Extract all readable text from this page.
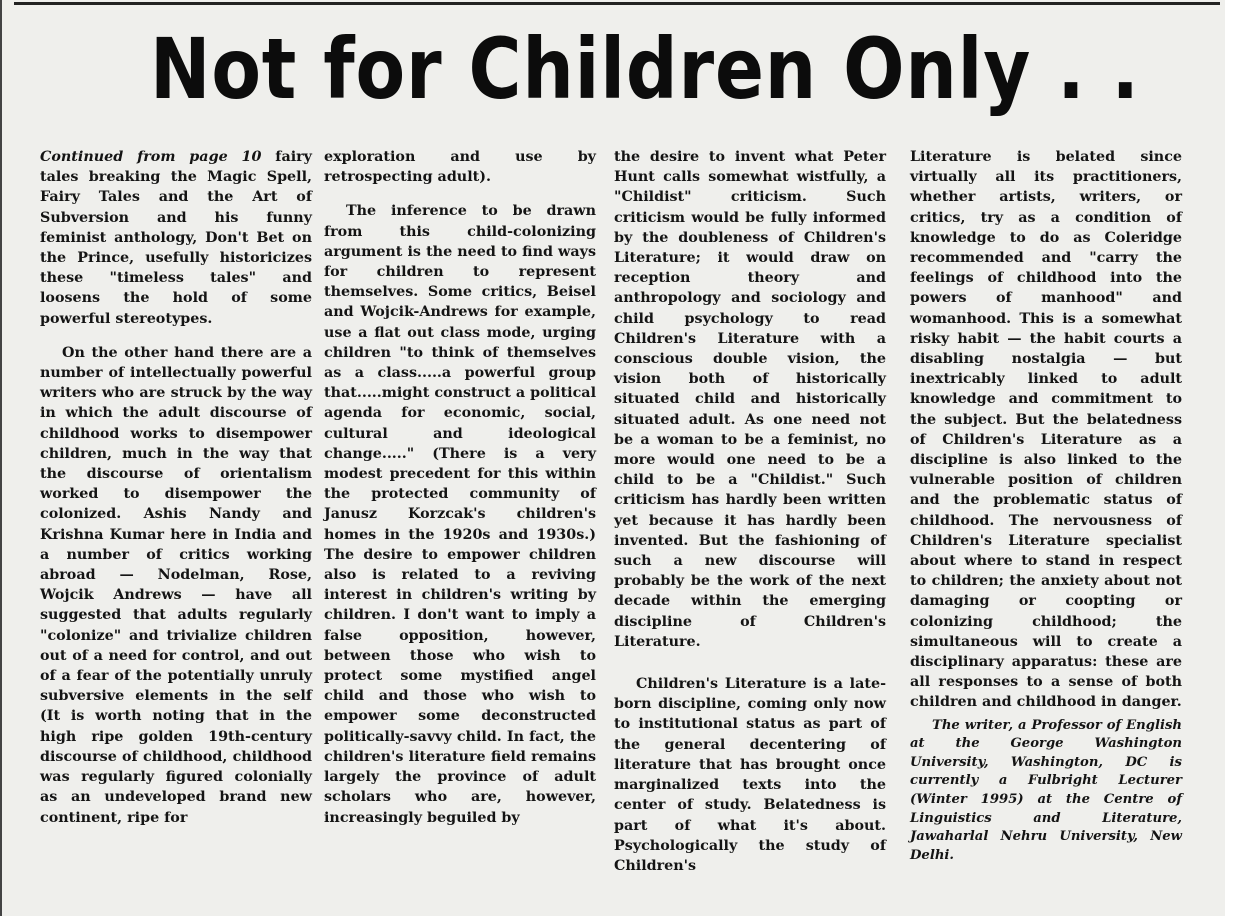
Not for Children Only . .

Continued from page 10 fairy tales breaking the Magic Spell, Fairy Tales and the Art of Subversion and his funny feminist anthology, Don't Bet on the Prince, usefully historicizes these "timeless tales" and loosens the hold of some powerful stereotypes.

On the other hand there are a number of intellectually powerful writers who are struck by the way in which the adult discourse of childhood works to disempower children, much in the way that the discourse of orientalism worked to disempower the colonized. Ashis Nandy and Krishna Kumar here in India and a number of critics working abroad — Nodelman, Rose, Wojcik Andrews — have all suggested that adults regularly "colonize" and trivialize children out of a need for control, and out of a fear of the potentially unruly subversive elements in the self (It is worth noting that in the high ripe golden 19th-century discourse of childhood, childhood was regularly figured colonially as an undeveloped brand new continent, ripe for

exploration and use by retrospecting adult).

The inference to be drawn from this child-colonizing argument is the need to find ways for children to represent themselves. Some critics, Beisel and Wojcik-Andrews for example, use a flat out class mode, urging children "to think of themselves as a class.....a powerful group that.....might construct a political agenda for economic, social, cultural and ideological change....." (There is a very modest precedent for this within the protected community of Janusz Korzcak's children's homes in the 1920s and 1930s.) The desire to empower children also is related to a reviving interest in children's writing by children. I don't want to imply a false opposition, however, between those who wish to protect some mystified angel child and those who wish to empower some deconstructed politically-savvy child. In fact, the children's literature field remains largely the province of adult scholars who are, however, increasingly beguiled by

the desire to invent what Peter Hunt calls somewhat wistfully, a "Childist" criticism. Such criticism would be fully informed by the doubleness of Children's Literature; it would draw on reception theory and anthropology and sociology and child psychology to read Children's Literature with a conscious double vision, the vision both of historically situated child and historically situated adult. As one need not be a woman to be a feminist, no more would one need to be a child to be a "Childist." Such criticism has hardly been written yet because it has hardly been invented. But the fashioning of such a new discourse will probably be the work of the next decade within the emerging discipline of Children's Literature.

Children's Literature is a late-born discipline, coming only now to institutional status as part of the general decentering of literature that has brought once marginalized texts into the center of study. Belatedness is part of what it's about. Psychologically the study of Children's

Literature is belated since virtually all its practitioners, whether artists, writers, or critics, try as a condition of knowledge to do as Coleridge recommended and "carry the feelings of childhood into the powers of manhood" and womanhood. This is a somewhat risky habit — the habit courts a disabling nostalgia — but inextricably linked to adult knowledge and commitment to the subject. But the belatedness of Children's Literature as a discipline is also linked to the vulnerable position of children and the problematic status of childhood. The nervousness of Children's Literature specialist about where to stand in respect to children; the anxiety about not damaging or coopting or colonizing childhood; the simultaneous will to create a disciplinary apparatus: these are all responses to a sense of both children and childhood in danger.

The writer, a Professor of English at the George Washington University, Washington, DC is currently a Fulbright Lecturer (Winter 1995) at the Centre of Linguistics and Literature, Jawaharlal Nehru University, New Delhi.
